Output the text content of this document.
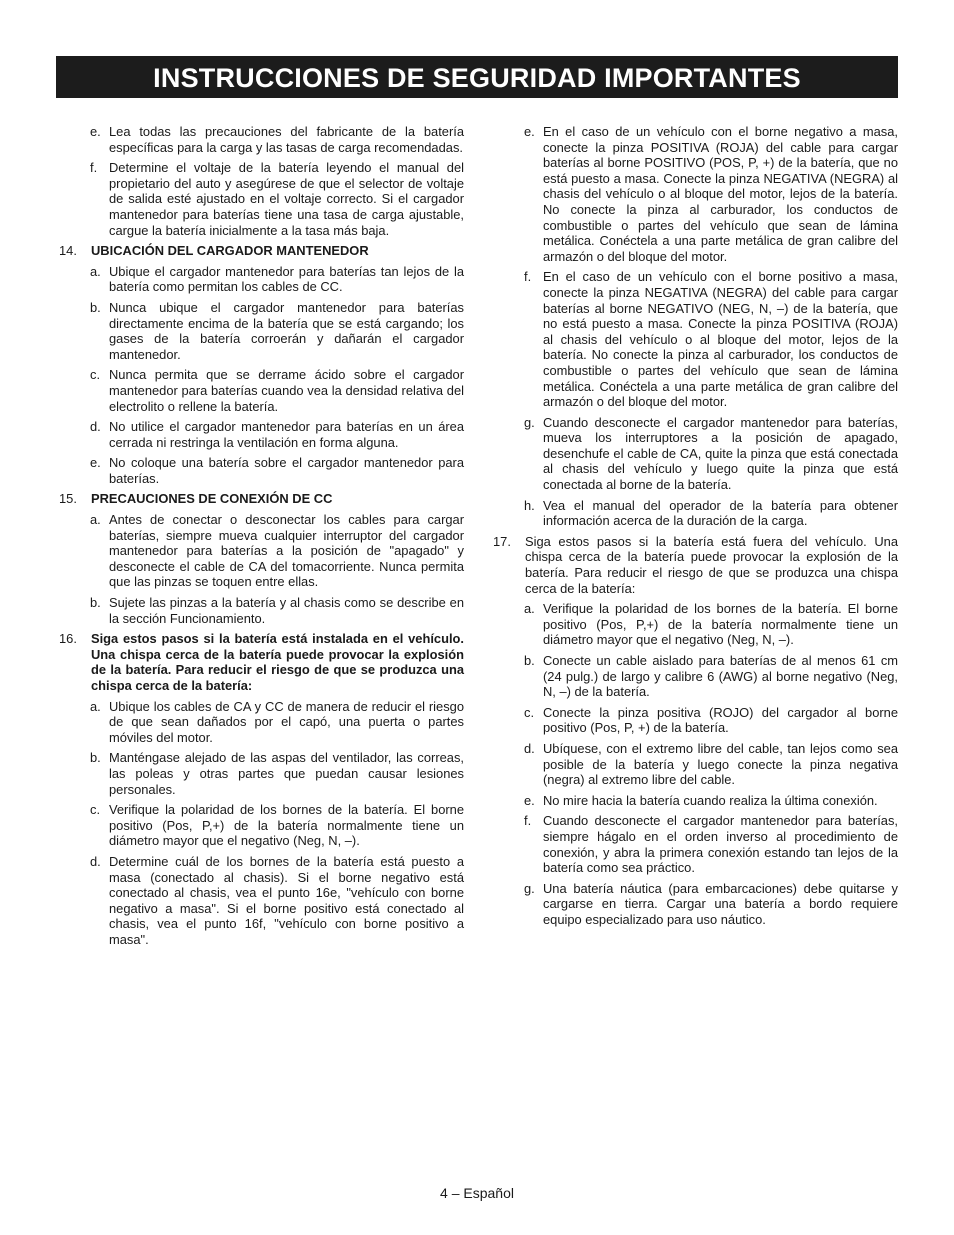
INSTRUCCIONES DE SEGURIDAD IMPORTANTES
e. Lea todas las precauciones del fabricante de la batería específicas para la carga y las tasas de carga recomendadas.
f. Determine el voltaje de la batería leyendo el manual del propietario del auto y asegúrese de que el selector de voltaje de salida esté ajustado en el voltaje correcto. Si el cargador mantenedor para baterías tiene una tasa de carga ajustable, cargue la batería inicialmente a la tasa más baja.
14. UBICACIÓN DEL CARGADOR MANTENEDOR
a. Ubique el cargador mantenedor para baterías tan lejos de la batería como permitan los cables de CC.
b. Nunca ubique el cargador mantenedor para baterías directamente encima de la batería que se está cargando; los gases de la batería corroerán y dañarán el cargador mantenedor.
c. Nunca permita que se derrame ácido sobre el cargador mantenedor para baterías cuando vea la densidad relativa del electrolito o rellene la batería.
d. No utilice el cargador mantenedor para baterías en un área cerrada ni restringa la ventilación en forma alguna.
e. No coloque una batería sobre el cargador mantenedor para baterías.
15. PRECAUCIONES DE CONEXIÓN DE CC
a. Antes de conectar o desconectar los cables para cargar baterías, siempre mueva cualquier interruptor del cargador mantenedor para baterías a la posición de "apagado" y desconecte el cable de CA del tomacorriente. Nunca permita que las pinzas se toquen entre ellas.
b. Sujete las pinzas a la batería y al chasis como se describe en la sección Funcionamiento.
16. Siga estos pasos si la batería está instalada en el vehículo. Una chispa cerca de la batería puede provocar la explosión de la batería. Para reducir el riesgo de que se produzca una chispa cerca de la batería:
a. Ubique los cables de CA y CC de manera de reducir el riesgo de que sean dañados por el capó, una puerta o partes móviles del motor.
b. Manténgase alejado de las aspas del ventilador, las correas, las poleas y otras partes que puedan causar lesiones personales.
c. Verifique la polaridad de los bornes de la batería. El borne positivo (Pos, P,+) de la batería normalmente tiene un diámetro mayor que el negativo (Neg, N, –).
d. Determine cuál de los bornes de la batería está puesto a masa (conectado al chasis). Si el borne negativo está conectado al chasis, vea el punto 16e, "vehículo con borne negativo a masa". Si el borne positivo está conectado al chasis, vea el punto 16f, "vehículo con borne positivo a masa".
e. En el caso de un vehículo con el borne negativo a masa, conecte la pinza POSITIVA (ROJA) del cable para cargar baterías al borne POSITIVO (POS, P, +) de la batería, que no está puesto a masa. Conecte la pinza NEGATIVA (NEGRA) al chasis del vehículo o al bloque del motor, lejos de la batería. No conecte la pinza al carburador, los conductos de combustible o partes del vehículo que sean de lámina metálica. Conéctela a una parte metálica de gran calibre del armazón o del bloque del motor.
f. En el caso de un vehículo con el borne positivo a masa, conecte la pinza NEGATIVA (NEGRA) del cable para cargar baterías al borne NEGATIVO (NEG, N, –) de la batería, que no está puesto a masa. Conecte la pinza POSITIVA (ROJA) al chasis del vehículo o al bloque del motor, lejos de la batería. No conecte la pinza al carburador, los conductos de combustible o partes del vehículo que sean de lámina metálica. Conéctela a una parte metálica de gran calibre del armazón o del bloque del motor.
g. Cuando desconecte el cargador mantenedor para baterías, mueva los interruptores a la posición de apagado, desenchufe el cable de CA, quite la pinza que está conectada al chasis del vehículo y luego quite la pinza que está conectada al borne de la batería.
h. Vea el manual del operador de la batería para obtener información acerca de la duración de la carga.
17. Siga estos pasos si la batería está fuera del vehículo. Una chispa cerca de la batería puede provocar la explosión de la batería. Para reducir el riesgo de que se produzca una chispa cerca de la batería:
a. Verifique la polaridad de los bornes de la batería. El borne positivo (Pos, P,+) de la batería normalmente tiene un diámetro mayor que el negativo (Neg, N, –).
b. Conecte un cable aislado para baterías de al menos 61 cm (24 pulg.) de largo y calibre 6 (AWG) al borne negativo (Neg, N, –) de la batería.
c. Conecte la pinza positiva (ROJO) del cargador al borne positivo (Pos, P, +) de la batería.
d. Ubíquese, con el extremo libre del cable, tan lejos como sea posible de la batería y luego conecte la pinza negativa (negra) al extremo libre del cable.
e. No mire hacia la batería cuando realiza la última conexión.
f. Cuando desconecte el cargador mantenedor para baterías, siempre hágalo en el orden inverso al procedimiento de conexión, y abra la primera conexión estando tan lejos de la batería como sea práctico.
g. Una batería náutica (para embarcaciones) debe quitarse y cargarse en tierra. Cargar una batería a bordo requiere equipo especializado para uso náutico.
4 – Español
